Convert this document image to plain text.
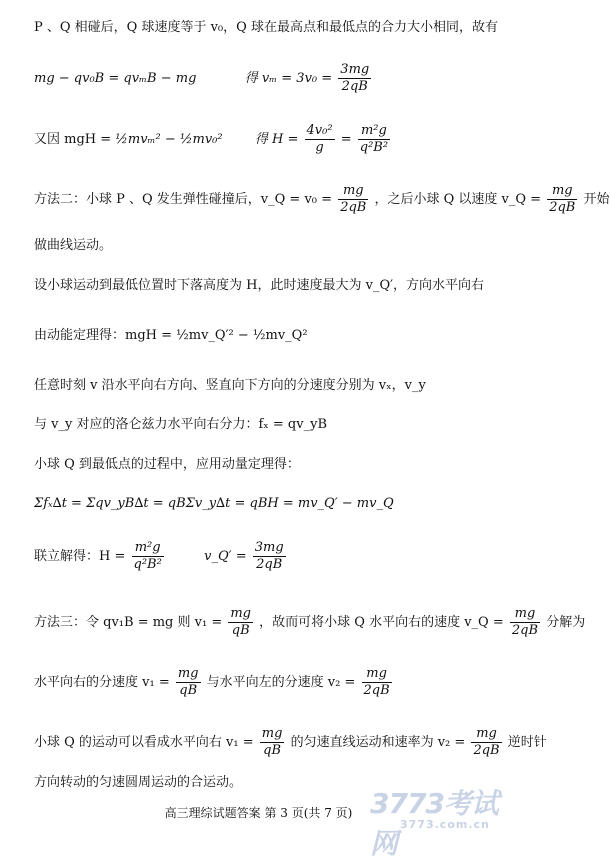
P 、Q 相碰后，Q 球速度等于 v₀，Q 球在最高点和最低点的合力大小相同，故有
mg − qv₀B = qvₘB − mg	得 $v_m = 3v_0 = \frac{3mg}{2qB}$
又因 mgH = ½mvₘ² − ½mv₀² 得 $H = \frac{\text{4v₀²}}{g} = \frac{\text{m²g}}{\text{q²B²}}$
方法二：小球 P 、Q 发生弹性碰撞后，v_Q = $v_0 = \frac{mg}{2qB}$ ，之后小球 Q 以速度 v_Q = $\frac{mg}{2qB}$ 开始
做曲线运动。
设小球运动到最低位置时下落高度为 H，此时速度最大为 v_Q′，方向水平向右
由动能定理得：mgH = ½mv_Q′² − ½mv_Q²
任意时刻 v 沿水平向右方向、竖直向下方向的分速度分别为 vₓ，v_y
与 v_y 对应的洛仑兹力水平向右分力：fₓ = qv_yB
小球 Q 到最低点的过程中，应用动量定理得：
Σfₓ∆t = Σqv_yB∆t = qBΣv_y∆t = qBH = mv_Q′ − mv_Q
联立解得：$H = \frac{\text{m²g}}{\text{q²B²}}$	v_Q′ = $\frac{3mg}{2qB}$
方法三：令 qv₁B = mg 则 $v_1 = \frac{mg}{qB}$ ，故而可将小球 Q 水平向右的速度 v_Q = $\frac{mg}{2qB}$ 分解为
水平向右的分速度 $v_1 = \frac{mg}{qB}$ 与水平向左的分速度 $v_2 = \frac{mg}{2qB}$
小球 Q 的运动可以看成水平向右 $v_1 = \frac{mg}{qB}$ 的匀速直线运动和速率为 $v_2 = \frac{mg}{2qB}$ 逆时针
方向转动的匀速圆周运动的合运动。
3773考试网
3773.com.cn
高三理综试题答案 第 3 页(共 7 页)
